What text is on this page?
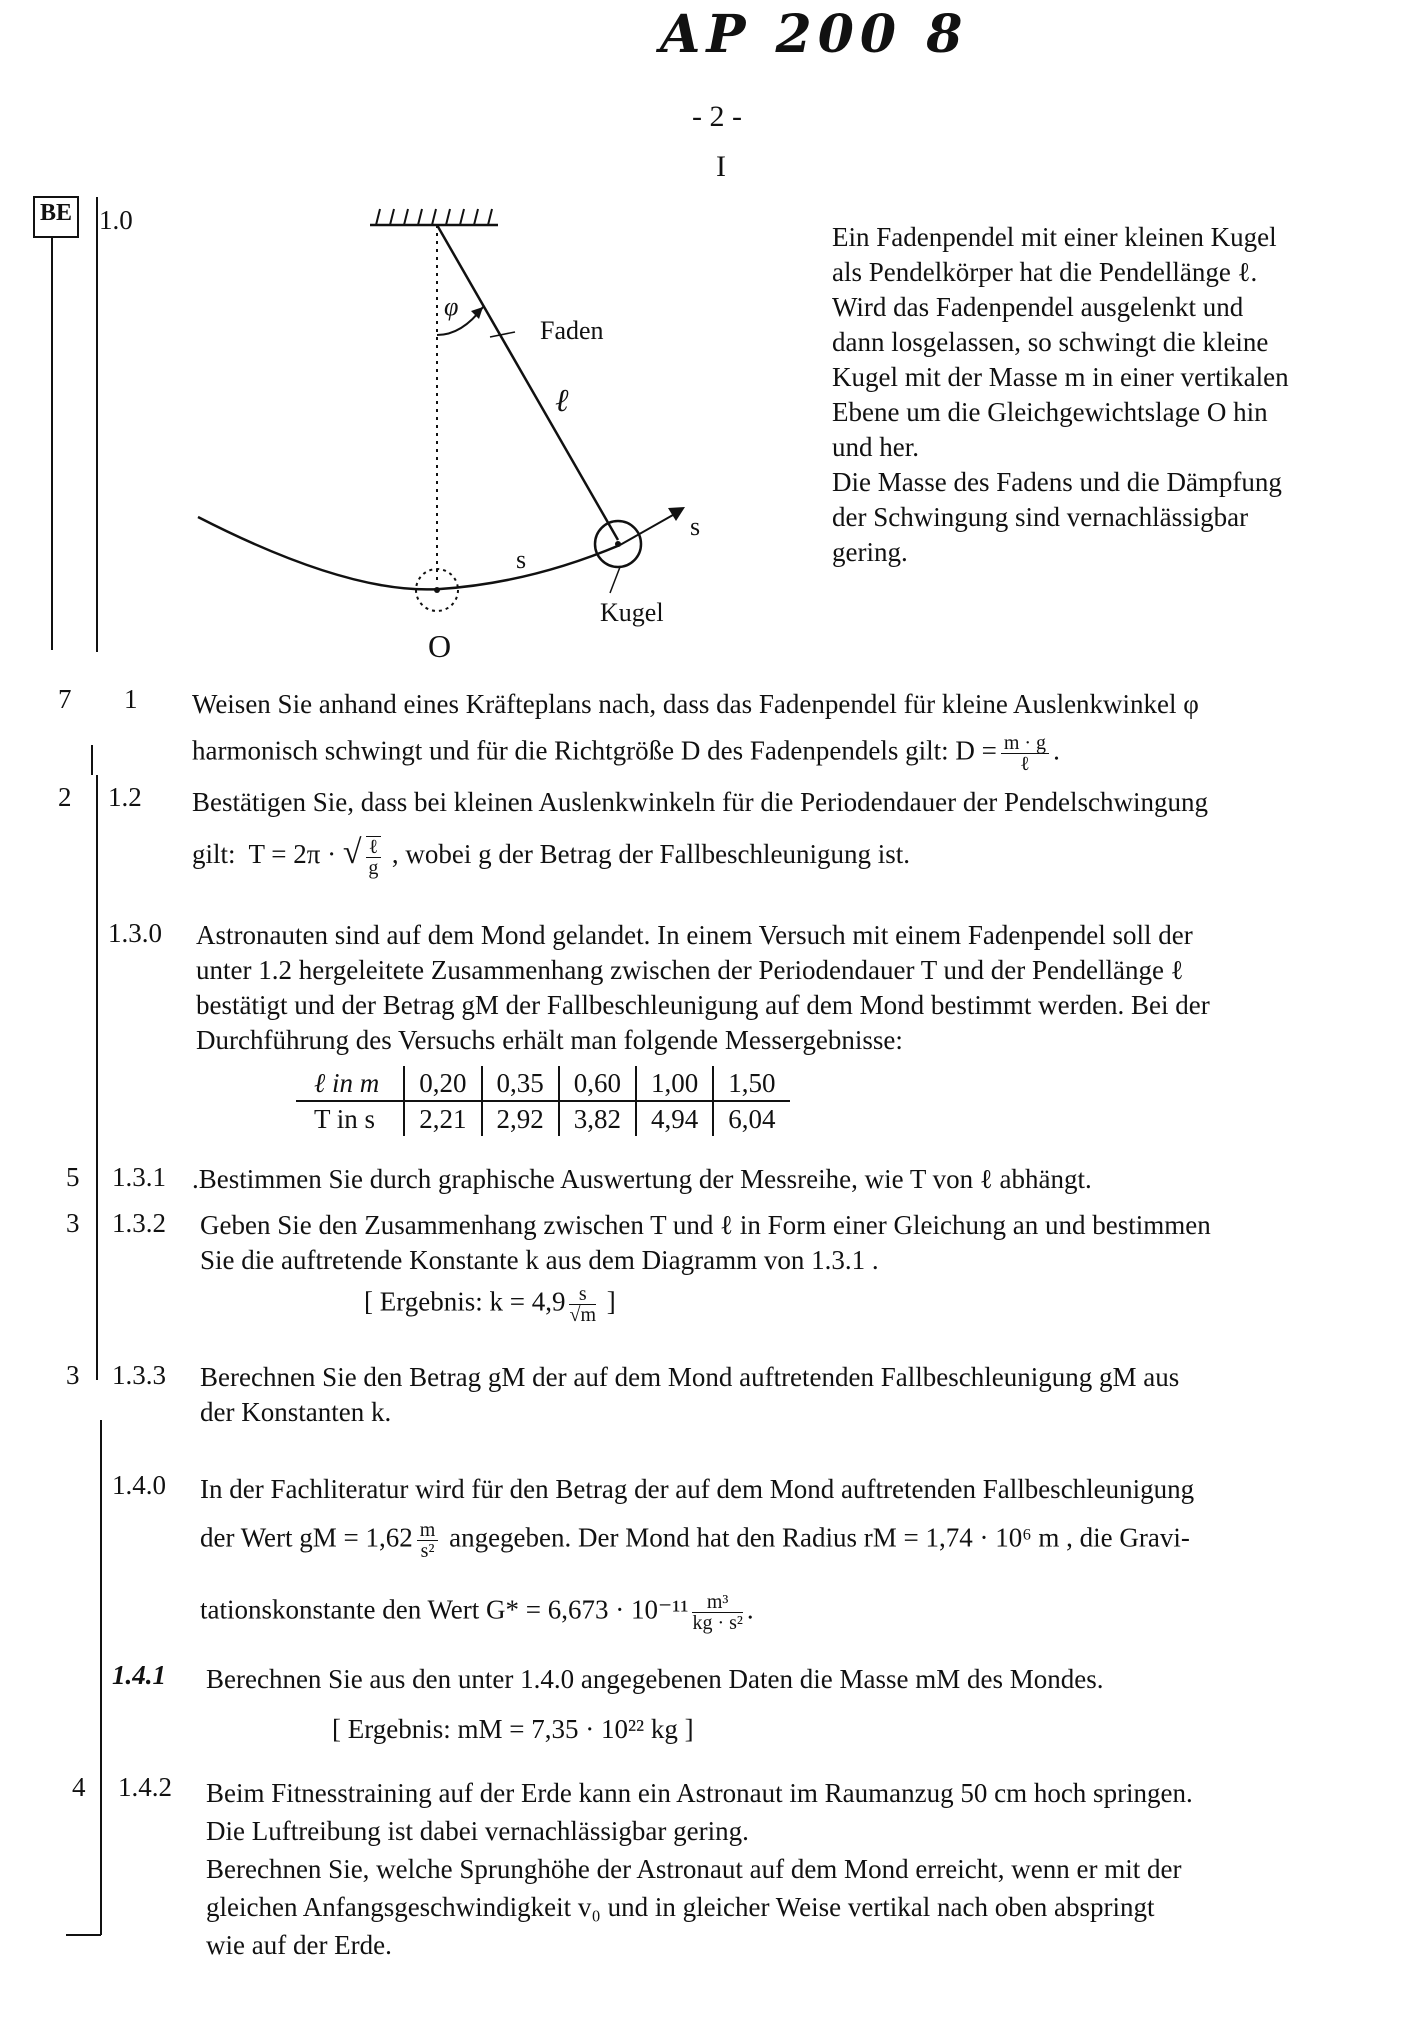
AP 200 8
- 2 -
I
BE
φ
Faden
ℓ
s
s
Kugel
O
1.0
Ein Fadenpendel mit einer kleinen Kugel
als Pendelkörper hat die Pendellänge ℓ.
Wird das Fadenpendel ausgelenkt und
dann losgelassen, so schwingt die kleine
Kugel mit der Masse m in einer vertikalen
Ebene um die Gleichgewichtslage O hin
und her.
Die Masse des Fadens und die Dämpfung
der Schwingung sind vernachlässigbar
gering.
7 1 Weisen Sie anhand eines Kräfteplans nach, dass das Fadenpendel für kleine Auslenkwinkel φ
harmonisch schwingt und für die Richtgröße D des Fadenpendels gilt: $D = \frac{m \cdot g}{\text{ℓ}}$ .
2 1.2 Bestätigen Sie, dass bei kleinen Auslenkwinkeln für die Periodendauer der Pendelschwingung
gilt: T = 2π · √ $\frac{\text{ℓ}}{g}$ , wobei g der Betrag der Fallbeschleunigung ist.
1.3.0 Astronauten sind auf dem Mond gelandet. In einem Versuch mit einem Fadenpendel soll der
unter 1.2 hergeleitete Zusammenhang zwischen der Periodendauer T und der Pendellänge ℓ
bestätigt und der Betrag gM der Fallbeschleunigung auf dem Mond bestimmt werden. Bei der
Durchführung des Versuchs erhält man folgende Messergebnisse:
ℓ in m	0,20	0,35	0,60	1,00	1,50
T in s	2,21	2,92	3,82	4,94	6,04
5 1.3.1 .Bestimmen Sie durch graphische Auswertung der Messreihe, wie T von ℓ abhängt.
3 1.3.2 Geben Sie den Zusammenhang zwischen T und ℓ in Form einer Gleichung an und bestimmen
Sie die auftretende Konstante k aus dem Diagramm von 1.3.1 .
[ Ergebnis: $k = 4,9 \frac{s}{√m}$ ]
3 1.3.3 Berechnen Sie den Betrag gM der auf dem Mond auftretenden Fallbeschleunigung gM aus
der Konstanten k.
1.4.0 In der Fachliteratur wird für den Betrag der auf dem Mond auftretenden Fallbeschleunigung
der Wert gM = $1,62 \frac{m}{\text{s²}}$ angegeben. Der Mond hat den Radius rM = 1,74 · 10⁶ m , die Gravi-
tationskonstante den Wert $G* = 6,673 \cdot 10^{-11} \frac{\text{m³}}{\text{kg · s²}}$ .
1.4.1 Berechnen Sie aus den unter 1.4.0 angegebenen Daten die Masse mM des Mondes.
[ Ergebnis: mM = 7,35 · 10²² kg ]
4 1.4.2 Beim Fitnesstraining auf der Erde kann ein Astronaut im Raumanzug 50 cm hoch springen.
Die Luftreibung ist dabei vernachlässigbar gering.
Berechnen Sie, welche Sprunghöhe der Astronaut auf dem Mond erreicht, wenn er mit der
gleichen Anfangsgeschwindigkeit v₀ und in gleicher Weise vertikal nach oben abspringt
wie auf der Erde.
